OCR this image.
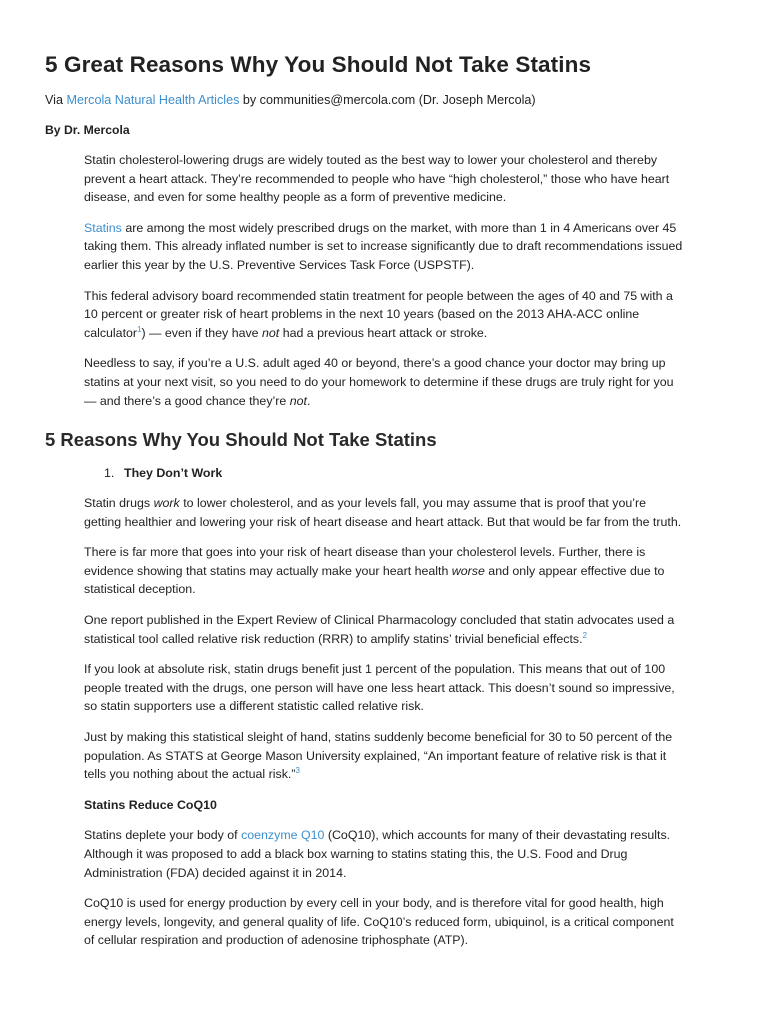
5 Great Reasons Why You Should Not Take Statins
Via Mercola Natural Health Articles by communities@mercola.com (Dr. Joseph Mercola)
By Dr. Mercola

Statin cholesterol-lowering drugs are widely touted as the best way to lower your cholesterol and thereby prevent a heart attack. They’re recommended to people who have “high cholesterol,” those who have heart disease, and even for some healthy people as a form of preventive medicine.

Statins are among the most widely prescribed drugs on the market, with more than 1 in 4 Americans over 45 taking them. This already inflated number is set to increase significantly due to draft recommendations issued earlier this year by the U.S. Preventive Services Task Force (USPSTF).

This federal advisory board recommended statin treatment for people between the ages of 40 and 75 with a 10 percent or greater risk of heart problems in the next 10 years (based on the 2013 AHA-ACC online calculator$^1$) — even if they have not had a previous heart attack or stroke.

Needless to say, if you’re a U.S. adult aged 40 or beyond, there’s a good chance your doctor may bring up statins at your next visit, so you need to do your homework to determine if these drugs are truly right for you — and there’s a good chance they’re not.

5 Reasons Why You Should Not Take Statins
1. They Don’t Work

Statin drugs work to lower cholesterol, and as your levels fall, you may assume that is proof that you’re getting healthier and lowering your risk of heart disease and heart attack. But that would be far from the truth.

There is far more that goes into your risk of heart disease than your cholesterol levels. Further, there is evidence showing that statins may actually make your heart health worse and only appear effective due to statistical deception.

One report published in the Expert Review of Clinical Pharmacology concluded that statin advocates used a statistical tool called relative risk reduction (RRR) to amplify statins’ trivial beneficial effects.$^2$

If you look at absolute risk, statin drugs benefit just 1 percent of the population. This means that out of 100 people treated with the drugs, one person will have one less heart attack. This doesn’t sound so impressive, so statin supporters use a different statistic called relative risk.

Just by making this statistical sleight of hand, statins suddenly become beneficial for 30 to 50 percent of the population. As STATS at George Mason University explained, “An important feature of relative risk is that it tells you nothing about the actual risk.”$^3$

Statins Reduce CoQ10

Statins deplete your body of coenzyme Q10 (CoQ10), which accounts for many of their devastating results. Although it was proposed to add a black box warning to statins stating this, the U.S. Food and Drug Administration (FDA) decided against it in 2014.

CoQ10 is used for energy production by every cell in your body, and is therefore vital for good health, high energy levels, longevity, and general quality of life. CoQ10’s reduced form, ubiquinol, is a critical component of cellular respiration and production of adenosine triphosphate (ATP).
